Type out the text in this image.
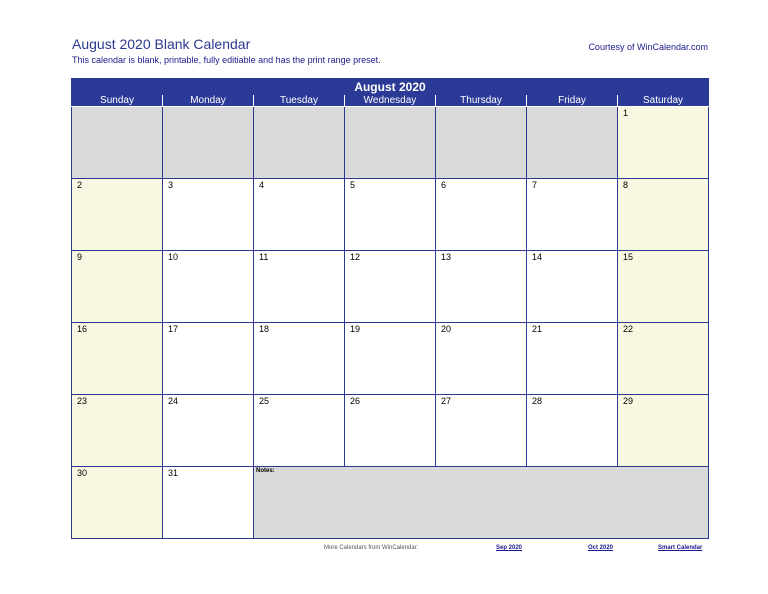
August 2020 Blank Calendar
This calendar is blank, printable, fully editiable and has the print range preset.
Courtesy of WinCalendar.com
August 2020						
Sunday	Monday	Tuesday	Wednesday	Thursday	Friday	Saturday

						1

2	3	4	5	6	7	8

9	10	11	12	13	14	15

16	17	18	19	20	21	22

23	24	25	26	27	28	29

30	31	Notes:				
More Calendars from WinCalendar:	Sep 2020	Oct 2020	Smart Calendar
